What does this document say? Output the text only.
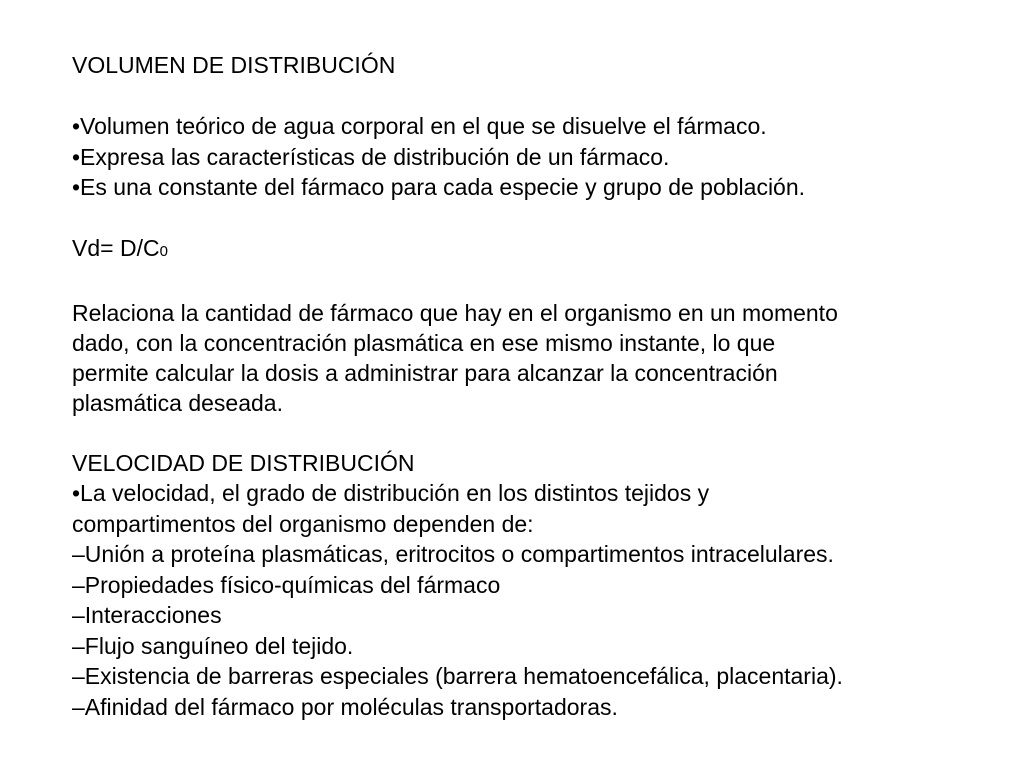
VOLUMEN DE DISTRIBUCIÓN
•Volumen teórico de agua corporal en el que se disuelve el fármaco.
•Expresa las características de distribución de un fármaco.
•Es una constante del fármaco para cada especie y grupo de población.
Vd= D/C0
Relaciona la cantidad de fármaco que hay en el organismo en un momento
dado, con la concentración plasmática en ese mismo instante, lo que
permite calcular la dosis a administrar para alcanzar la concentración
plasmática deseada.
VELOCIDAD DE DISTRIBUCIÓN
•La velocidad, el grado de distribución en los distintos tejidos y
compartimentos del organismo dependen de:
–Unión a proteína plasmáticas, eritrocitos o compartimentos intracelulares.
–Propiedades físico-químicas del fármaco
–Interacciones
–Flujo sanguíneo del tejido.
–Existencia de barreras especiales (barrera hematoencefálica, placentaria).
–Afinidad del fármaco por moléculas transportadoras.
